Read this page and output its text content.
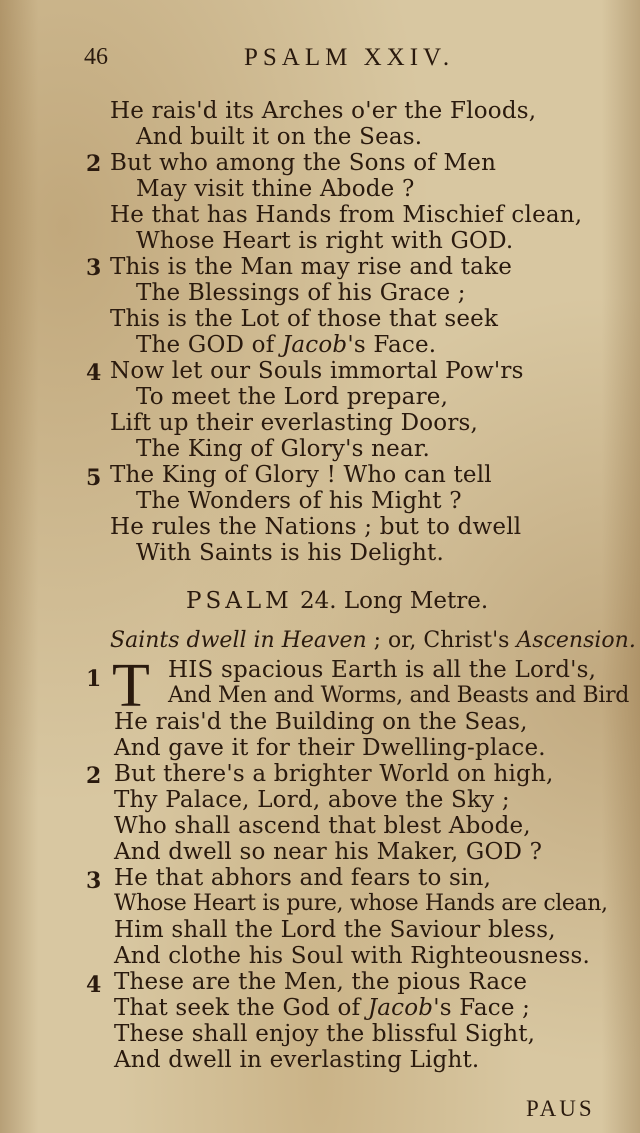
46	PSALM XXIV.
He rais'd its Arches o'er the Floods,
And built it on the Seas.
2 But who among the Sons of Men
May visit thine Abode ?
He that has Hands from Mischief clean,
Whose Heart is right with GOD.
3 This is the Man may rise and take
The Blessings of his Grace ;
This is the Lot of those that seek
The GOD of Jacob's Face.
4 Now let our Souls immortal Pow'rs
To meet the Lord prepare,
Lift up their everlasting Doors,
The King of Glory's near.
5 The King of Glory ! Who can tell
The Wonders of his Might ?
He rules the Nations ; but to dwell
With Saints is his Delight.
PSALM 24. Long Metre.
Saints dwell in Heaven ; or, Christ's Ascension.
1 T HIS spacious Earth is all the Lord's,
And Men and Worms, and Beasts and Bird
He rais'd the Building on the Seas,
And gave it for their Dwelling-place.
2 But there's a brighter World on high,
Thy Palace, Lord, above the Sky ;
Who shall ascend that blest Abode,
And dwell so near his Maker, GOD ?
3 He that abhors and fears to sin,
Whose Heart is pure, whose Hands are clean,
Him shall the Lord the Saviour bless,
And clothe his Soul with Righteousness.
4 These are the Men, the pious Race
That seek the God of Jacob's Face ;
These shall enjoy the blissful Sight,
And dwell in everlasting Light.
PAUS
